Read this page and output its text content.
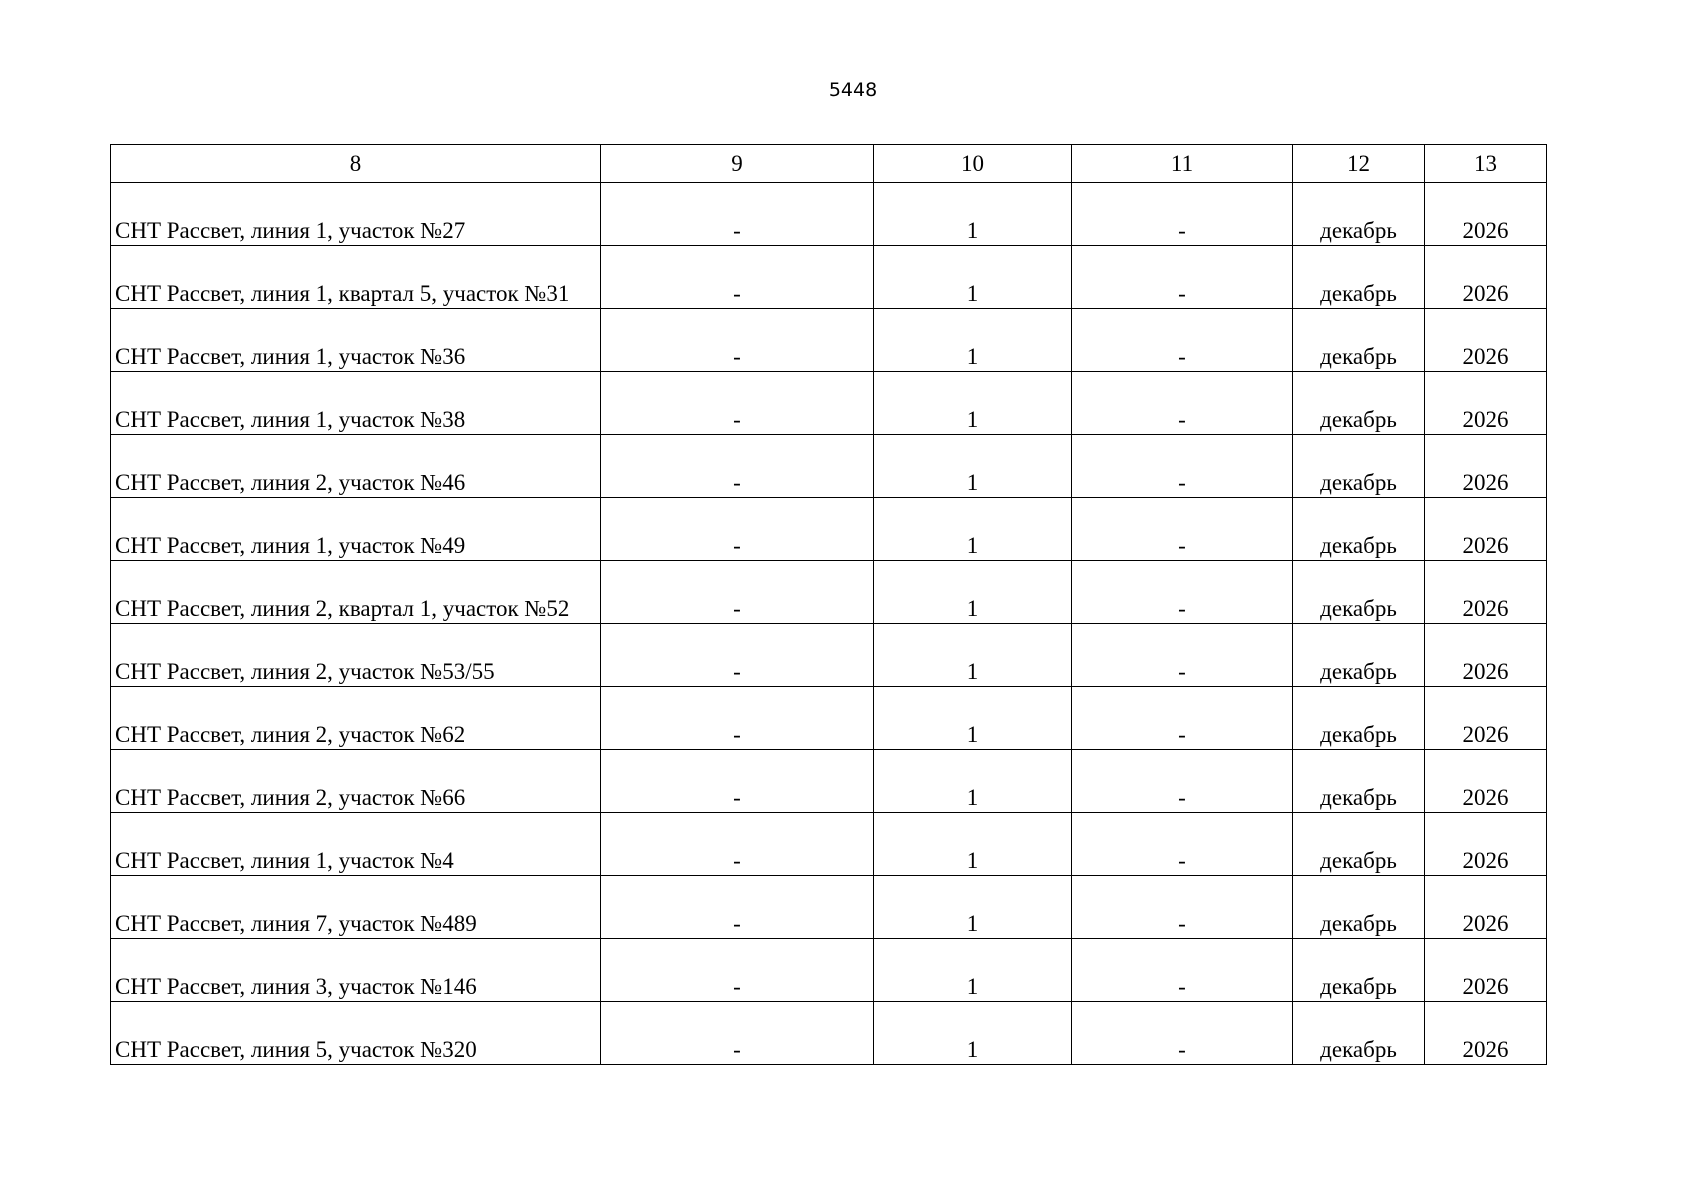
5448
8	9	10	11	12	13
СНТ Рассвет, линия 1, участок №27	-	1	-	декабрь	2026
СНТ Рассвет, линия 1, квартал 5, участок №31	-	1	-	декабрь	2026
СНТ Рассвет, линия 1, участок №36	-	1	-	декабрь	2026
СНТ Рассвет, линия 1, участок №38	-	1	-	декабрь	2026
СНТ Рассвет, линия 2, участок №46	-	1	-	декабрь	2026
СНТ Рассвет, линия 1, участок №49	-	1	-	декабрь	2026
СНТ Рассвет, линия 2, квартал 1, участок №52	-	1	-	декабрь	2026
СНТ Рассвет, линия 2, участок №53/55	-	1	-	декабрь	2026
СНТ Рассвет, линия 2, участок №62	-	1	-	декабрь	2026
СНТ Рассвет, линия 2, участок №66	-	1	-	декабрь	2026
СНТ Рассвет, линия 1, участок №4	-	1	-	декабрь	2026
СНТ Рассвет, линия 7, участок №489	-	1	-	декабрь	2026
СНТ Рассвет, линия 3, участок №146	-	1	-	декабрь	2026
СНТ Рассвет, линия 5, участок №320	-	1	-	декабрь	2026
